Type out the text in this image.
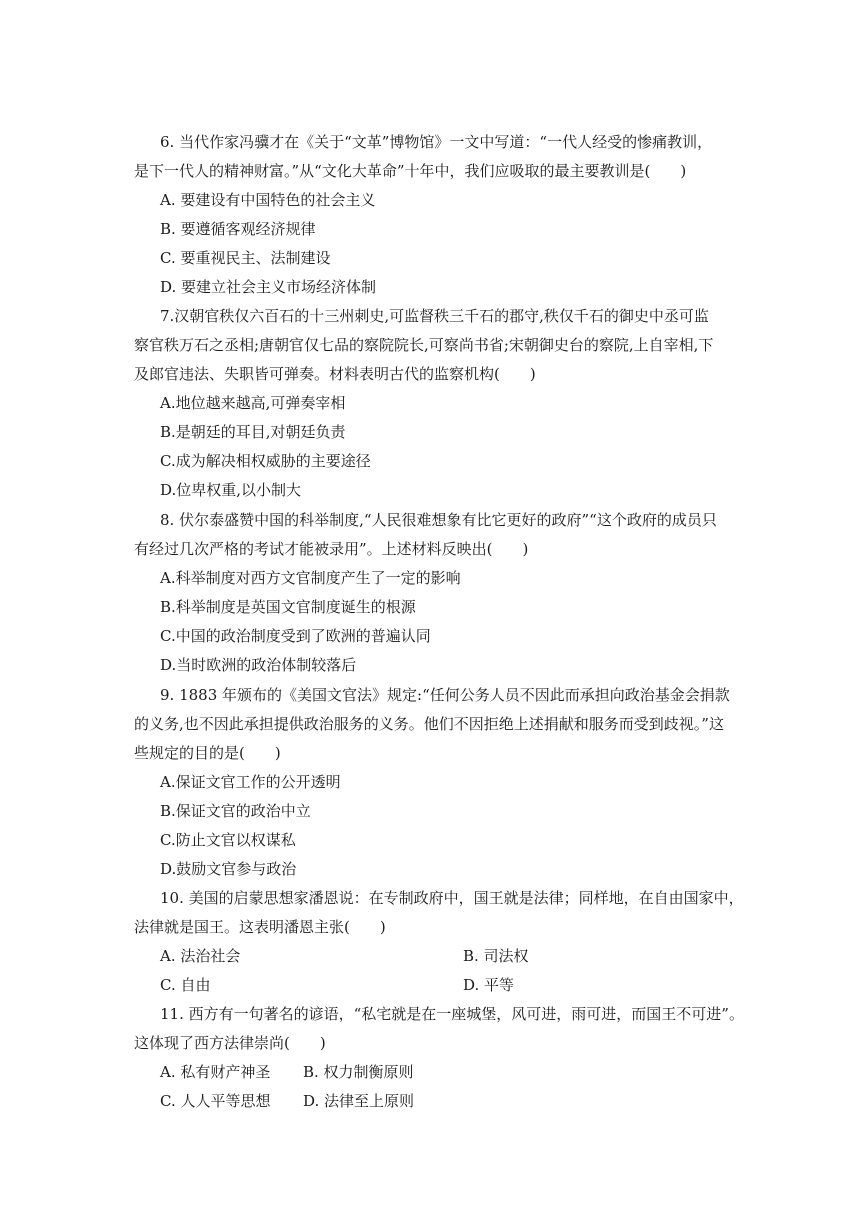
6. 当代作家冯骥才在《关于“文革”博物馆》一文中写道：“一代人经受的惨痛教训，
是下一代人的精神财富。”从“文化大革命”十年中，我们应吸取的最主要教训是(　　)
A. 要建设有中国特色的社会主义
B. 要遵循客观经济规律
C. 要重视民主、法制建设
D. 要建立社会主义市场经济体制
7.汉朝官秩仅六百石的十三州刺史,可监督秩三千石的郡守,秩仅千石的御史中丞可监
察官秩万石之丞相;唐朝官仅七品的察院院长,可察尚书省;宋朝御史台的察院,上自宰相,下
及郎官违法、失职皆可弹奏。材料表明古代的监察机构(　　)
A.地位越来越高,可弹奏宰相
B.是朝廷的耳目,对朝廷负责
C.成为解决相权威胁的主要途径
D.位卑权重,以小制大
8. 伏尔泰盛赞中国的科举制度,“人民很难想象有比它更好的政府”“这个政府的成员只
有经过几次严格的考试才能被录用”。上述材料反映出(　　)
A.科举制度对西方文官制度产生了一定的影响
B.科举制度是英国文官制度诞生的根源
C.中国的政治制度受到了欧洲的普遍认同
D.当时欧洲的政治体制较落后
9. 1883 年颁布的《美国文官法》规定:“任何公务人员不因此而承担向政治基金会捐款
的义务,也不因此承担提供政治服务的义务。他们不因拒绝上述捐献和服务而受到歧视。”这
些规定的目的是(　　)
A.保证文官工作的公开透明
B.保证文官的政治中立
C.防止文官以权谋私
D.鼓励文官参与政治
10. 美国的启蒙思想家潘恩说：在专制政府中，国王就是法律；同样地，在自由国家中，
法律就是国王。这表明潘恩主张(　　)
A. 法治社会	B. 司法权
C. 自由	D. 平等
11. 西方有一句著名的谚语，“私宅就是在一座城堡，风可进，雨可进，而国王不可进”。
这体现了西方法律崇尚(　　)
A. 私有财产神圣 B. 权力制衡原则
C. 人人平等思想 D. 法律至上原则
